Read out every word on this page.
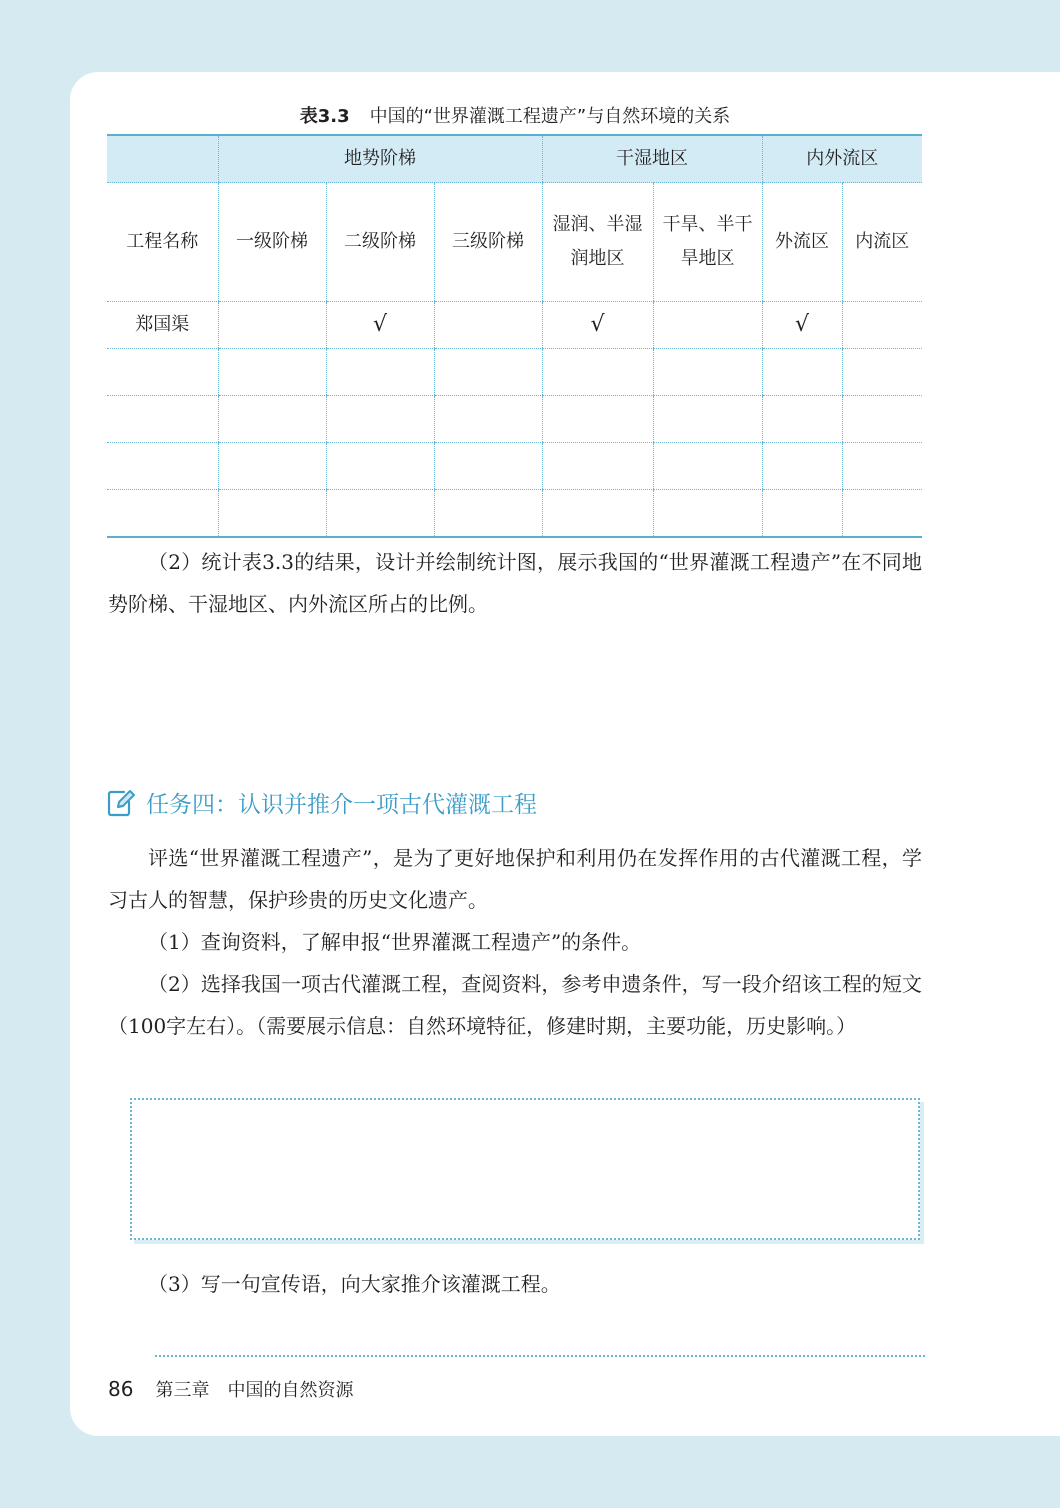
表3.3 中国的“世界灌溉工程遗产”与自然环境的关系
	地势阶梯			干湿地区		内外流区	
工程名称	一级阶梯	二级阶梯	三级阶梯	湿润、半湿润地区	干旱、半干旱地区	外流区	内流区
郑国渠		√		√		√	

（2）统计表3.3的结果，设计并绘制统计图，展示我国的“世界灌溉工程遗产”在不同地势阶梯、干湿地区、内外流区所占的比例。
任务四：认识并推介一项古代灌溉工程
评选“世界灌溉工程遗产”，是为了更好地保护和利用仍在发挥作用的古代灌溉工程，学习古人的智慧，保护珍贵的历史文化遗产。
（1）查询资料，了解申报“世界灌溉工程遗产”的条件。
（2）选择我国一项古代灌溉工程，查阅资料，参考申遗条件，写一段介绍该工程的短文（100字左右）。（需要展示信息：自然环境特征，修建时期，主要功能，历史影响。）
（3）写一句宣传语，向大家推介该灌溉工程。
86 第三章　中国的自然资源
